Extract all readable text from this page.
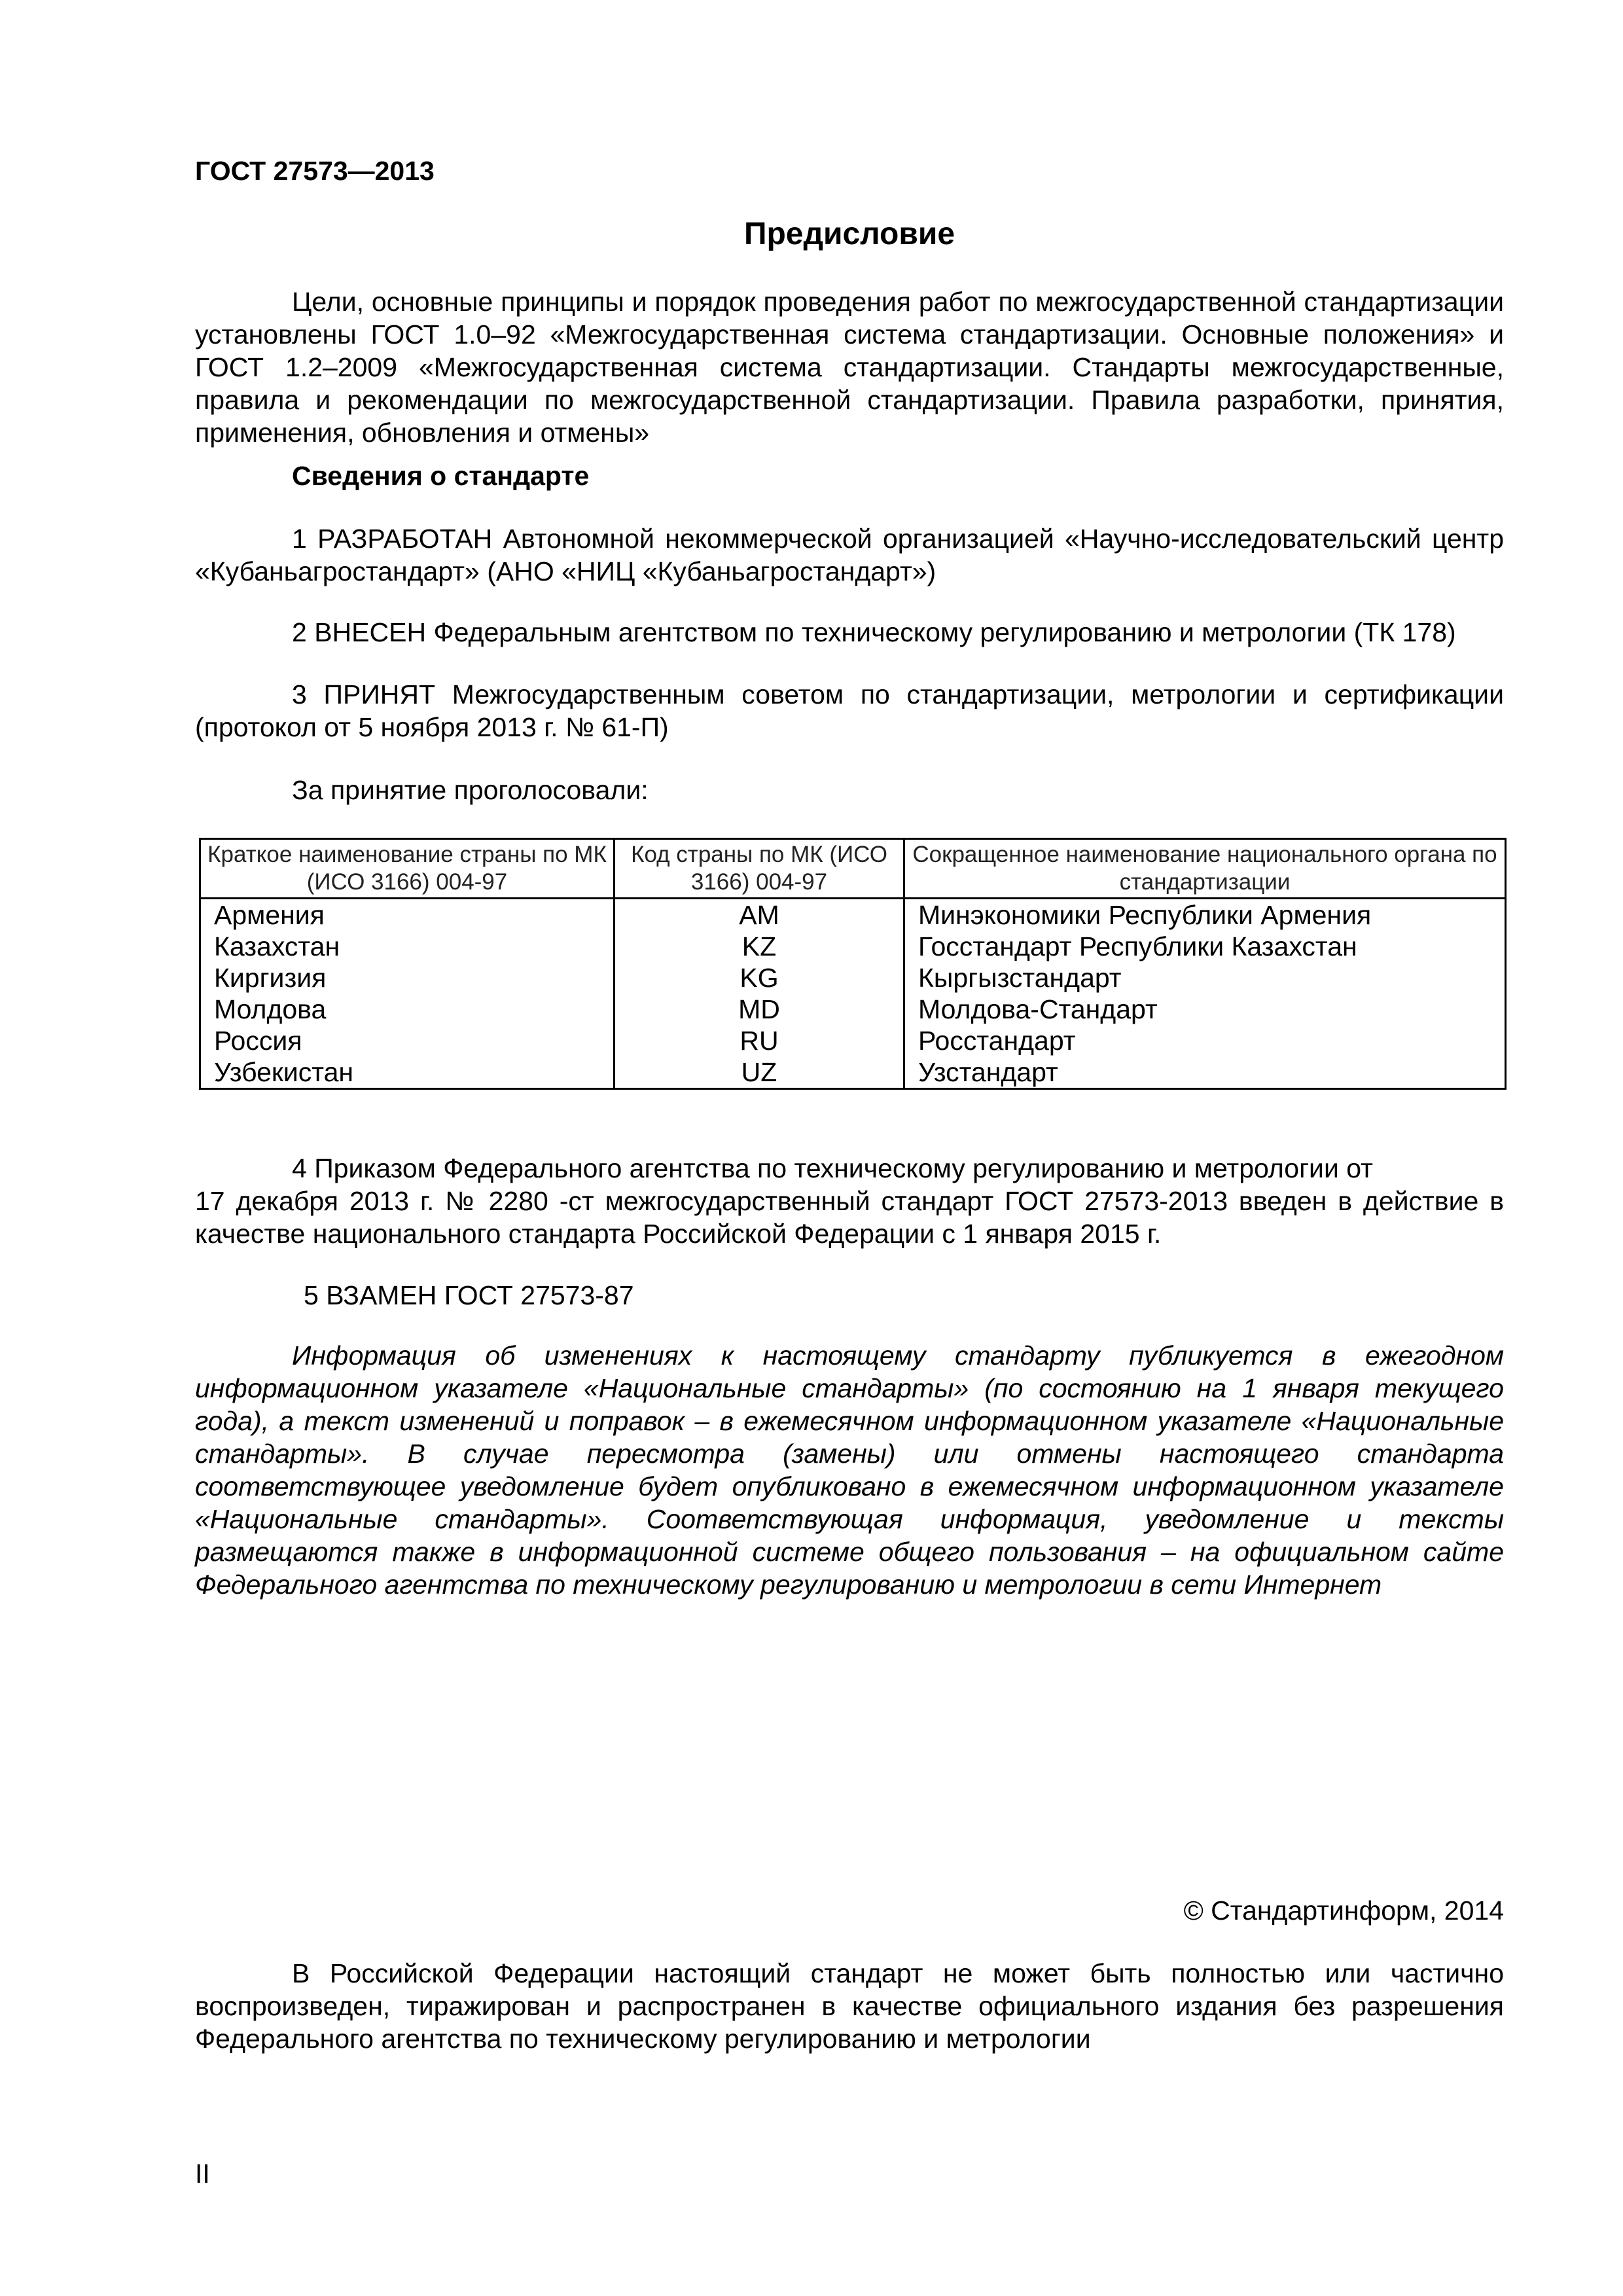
ГОСТ 27573—2013
Предисловие
Цели, основные принципы и порядок проведения работ по межгосударственной стандартизации установлены ГОСТ 1.0–92 «Межгосударственная система стандартизации. Основные положения» и ГОСТ 1.2–2009 «Межгосударственная система стандартизации. Стандарты межгосударственные, правила и рекомендации по межгосударственной стандартизации. Правила разработки, принятия, применения, обновления и отмены»
Сведения о стандарте
1 РАЗРАБОТАН Автономной некоммерческой организацией «Научно-исследовательский центр «Кубаньагростандарт» (АНО «НИЦ «Кубаньагростандарт»)
2 ВНЕСЕН Федеральным агентством по техническому регулированию и метрологии (ТК 178)
3 ПРИНЯТ Межгосударственным советом по стандартизации, метрологии и сертификации (протокол от 5 ноября 2013 г. № 61-П)
За принятие проголосовали:
Краткое наименование страны по МК (ИСО 3166) 004-97	Код страны по МК (ИСО 3166) 004-97	Сокращенное наименование национального органа по стандартизации
Армения	AM	Минэкономики Республики Армения
Казахстан	KZ	Госстандарт Республики Казахстан
Киргизия	KG	Кыргызстандарт
Молдова	MD	Молдова-Стандарт
Россия	RU	Росстандарт
Узбекистан	UZ	Узстандарт
4 Приказом Федерального агентства по техническому регулированию и метрологии от
17 декабря 2013 г. № 2280 -ст межгосударственный стандарт ГОСТ 27573-2013 введен в действие в качестве национального стандарта Российской Федерации с 1 января 2015 г.
5 ВЗАМЕН ГОСТ 27573-87
Информация об изменениях к настоящему стандарту публикуется в ежегодном информационном указателе «Национальные стандарты» (по состоянию на 1 января текущего года), а текст изменений и поправок – в ежемесячном информационном указателе «Национальные стандарты». В случае пересмотра (замены) или отмены настоящего стандарта соответствующее уведомление будет опубликовано в ежемесячном информационном указателе «Национальные стандарты». Соответствующая информация, уведомление и тексты размещаются также в информационной системе общего пользования – на официальном сайте Федерального агентства по техническому регулированию и метрологии в сети Интернет
© Стандартинформ, 2014
В Российской Федерации настоящий стандарт не может быть полностью или частично воспроизведен, тиражирован и распространен в качестве официального издания без разрешения Федерального агентства по техническому регулированию и метрологии
II
